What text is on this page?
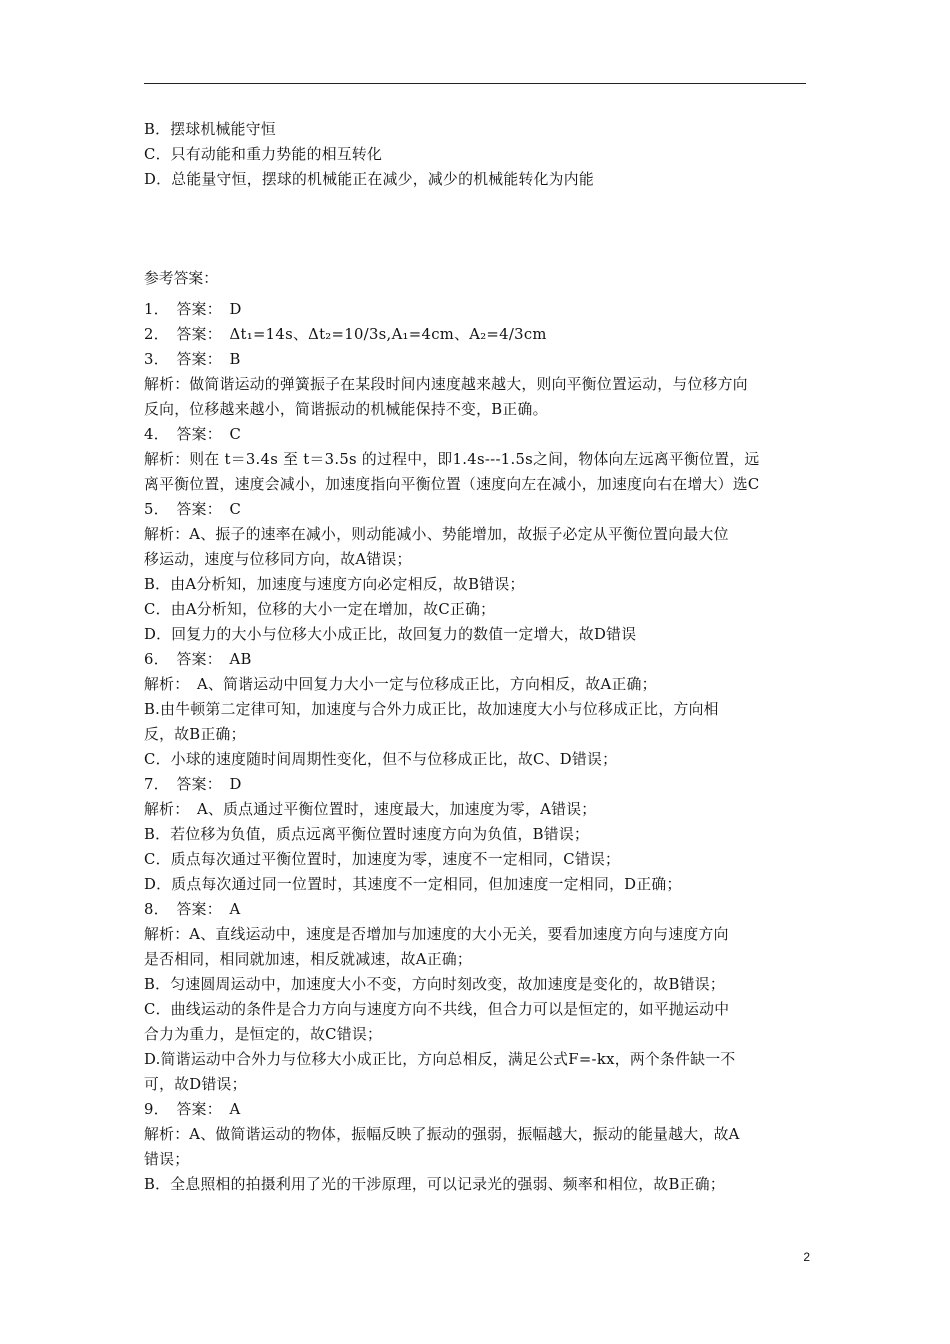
B．摆球机械能守恒
C．只有动能和重力势能的相互转化
D．总能量守恒，摆球的机械能正在减少，减少的机械能转化为内能
参考答案：
1．　答案：　D
2．　答案：　Δt₁=14s、Δt₂=10/3s,A₁=4cm、A₂=4/3cm
3．　答案：　B
解析：做简谐运动的弹簧振子在某段时间内速度越来越大，则向平衡位置运动，与位移方向
反向，位移越来越小，简谐振动的机械能保持不变，B正确。
4．　答案：　C
解析：则在 t＝3.4s 至 t＝3.5s 的过程中，即1.4s---1.5s之间，物体向左远离平衡位置，远
离平衡位置，速度会减小，加速度指向平衡位置（速度向左在减小，加速度向右在增大）选C
5．　答案：　C
解析：A、振子的速率在减小，则动能减小、势能增加，故振子必定从平衡位置向最大位
移运动，速度与位移同方向，故A错误；
B．由A分析知，加速度与速度方向必定相反，故B错误；
C．由A分析知，位移的大小一定在增加，故C正确；
D．回复力的大小与位移大小成正比，故回复力的数值一定增大，故D错误
6．　答案：　AB
解析：　A、简谐运动中回复力大小一定与位移成正比，方向相反，故A正确；
B.由牛顿第二定律可知，加速度与合外力成正比，故加速度大小与位移成正比，方向相
反，故B正确；
C．小球的速度随时间周期性变化，但不与位移成正比，故C、D错误；
7．　答案：　D
解析：　A、质点通过平衡位置时，速度最大，加速度为零，A错误；
B．若位移为负值，质点远离平衡位置时速度方向为负值，B错误；
C．质点每次通过平衡位置时，加速度为零，速度不一定相同，C错误；
D．质点每次通过同一位置时，其速度不一定相同，但加速度一定相同，D正确；
8．　答案：　A
解析：A、直线运动中，速度是否增加与加速度的大小无关，要看加速度方向与速度方向
是否相同，相同就加速，相反就减速，故A正确；
B．匀速圆周运动中，加速度大小不变，方向时刻改变，故加速度是变化的，故B错误；
C．曲线运动的条件是合力方向与速度方向不共线，但合力可以是恒定的，如平抛运动中
合力为重力，是恒定的，故C错误；
D.简谐运动中合外力与位移大小成正比，方向总相反，满足公式F=-kx，两个条件缺一不
可，故D错误；
9．　答案：　A
解析：A、做简谐运动的物体，振幅反映了振动的强弱，振幅越大，振动的能量越大，故A
错误；
B．全息照相的拍摄利用了光的干涉原理，可以记录光的强弱、频率和相位，故B正确；
2
